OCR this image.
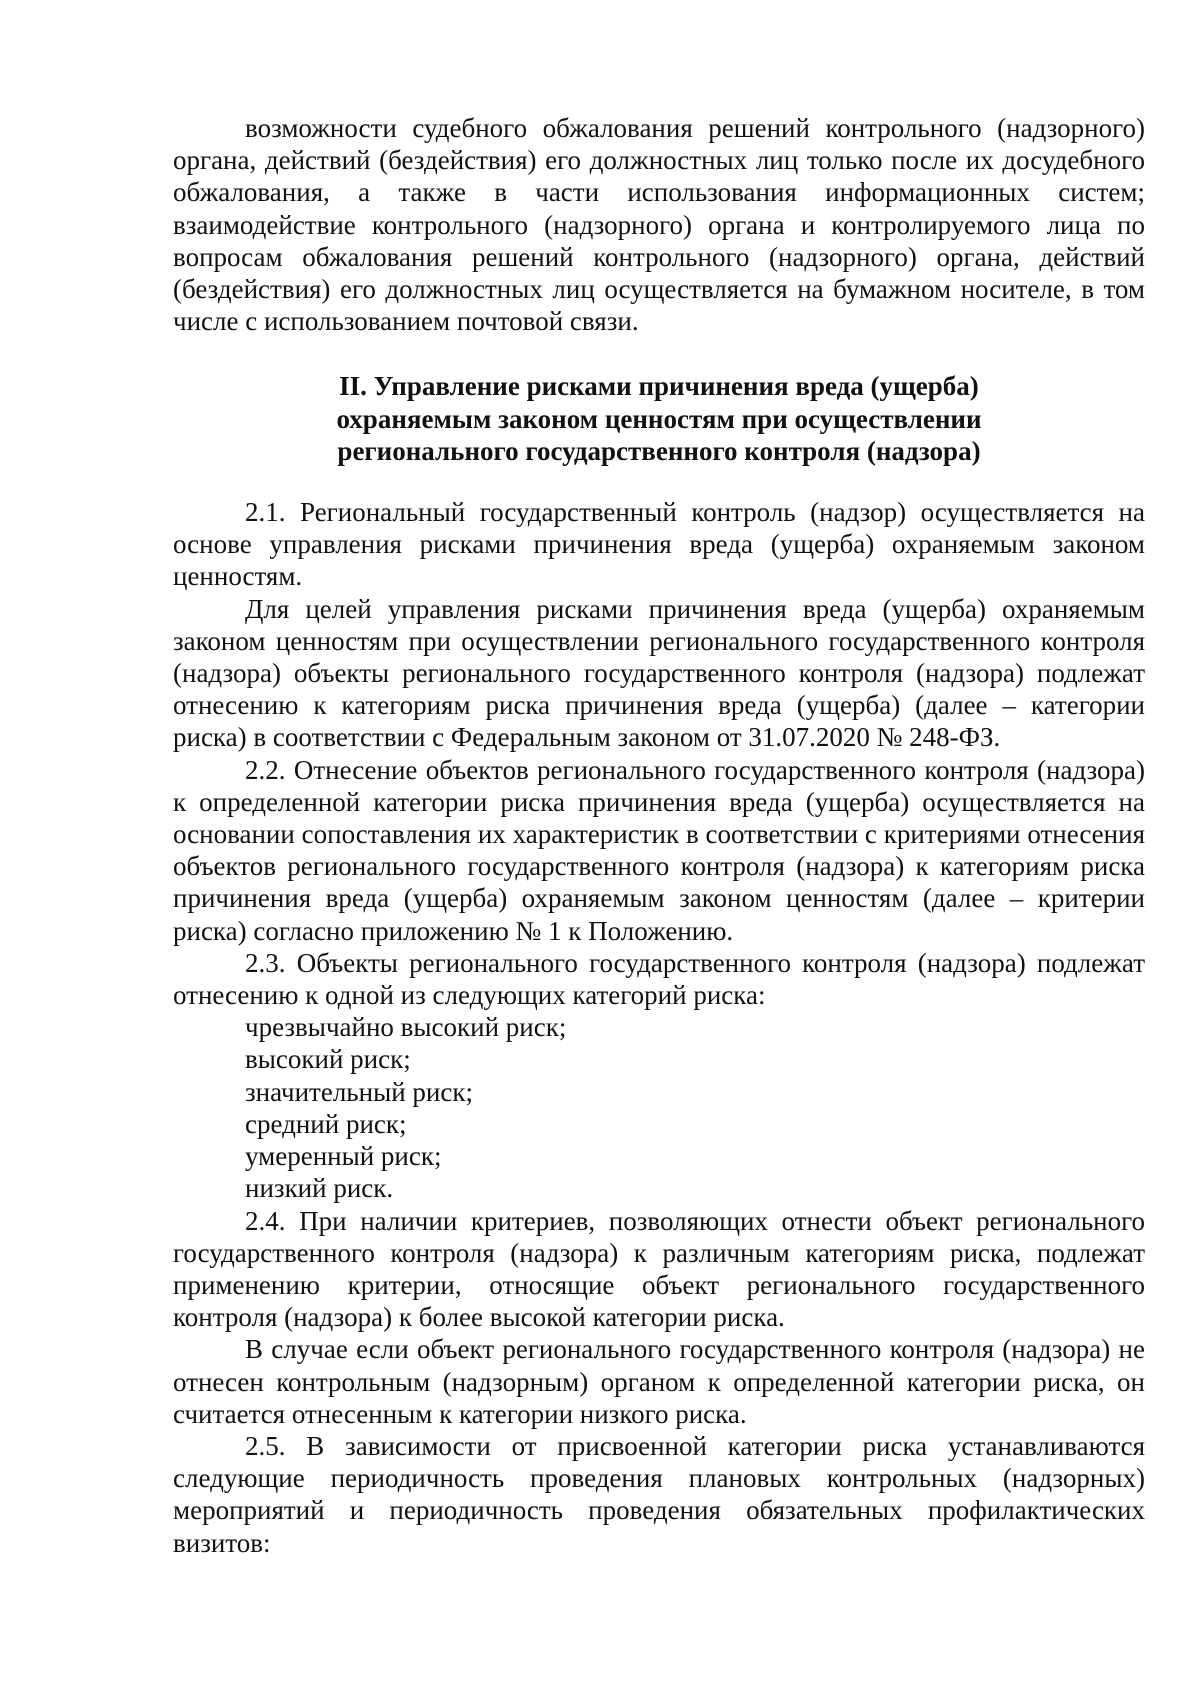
возможности судебного обжалования решений контрольного (надзорного) органа, действий (бездействия) его должностных лиц только после их досудебного обжалования, а также в части использования информационных систем; взаимодействие контрольного (надзорного) органа и контролируемого лица по вопросам обжалования решений контрольного (надзорного) органа, действий (бездействия) его должностных лиц осуществляется на бумажном носителе, в том числе с использованием почтовой связи.

II. Управление рисками причинения вреда (ущерба)
охраняемым законом ценностям при осуществлении
регионального государственного контроля (надзора)

2.1. Региональный государственный контроль (надзор) осуществляется на основе управления рисками причинения вреда (ущерба) охраняемым законом ценностям.

Для целей управления рисками причинения вреда (ущерба) охраняемым законом ценностям при осуществлении регионального государственного контроля (надзора) объекты регионального государственного контроля (надзора) подлежат отнесению к категориям риска причинения вреда (ущерба) (далее – категории риска) в соответствии с Федеральным законом от 31.07.2020 № 248-ФЗ.

2.2. Отнесение объектов регионального государственного контроля (надзора) к определенной категории риска причинения вреда (ущерба) осуществляется на основании сопоставления их характеристик в соответствии с критериями отнесения объектов регионального государственного контроля (надзора) к категориям риска причинения вреда (ущерба) охраняемым законом ценностям (далее – критерии риска) согласно приложению № 1 к Положению.

2.3. Объекты регионального государственного контроля (надзора) подлежат отнесению к одной из следующих категорий риска:

чрезвычайно высокий риск;

высокий риск;

значительный риск;

средний риск;

умеренный риск;

низкий риск.

2.4. При наличии критериев, позволяющих отнести объект регионального государственного контроля (надзора) к различным категориям риска, подлежат применению критерии, относящие объект регионального государственного контроля (надзора) к более высокой категории риска.

В случае если объект регионального государственного контроля (надзора) не отнесен контрольным (надзорным) органом к определенной категории риска, он считается отнесенным к категории низкого риска.

2.5. В зависимости от присвоенной категории риска устанавливаются следующие периодичность проведения плановых контрольных (надзорных) мероприятий и периодичность проведения обязательных профилактических визитов:
